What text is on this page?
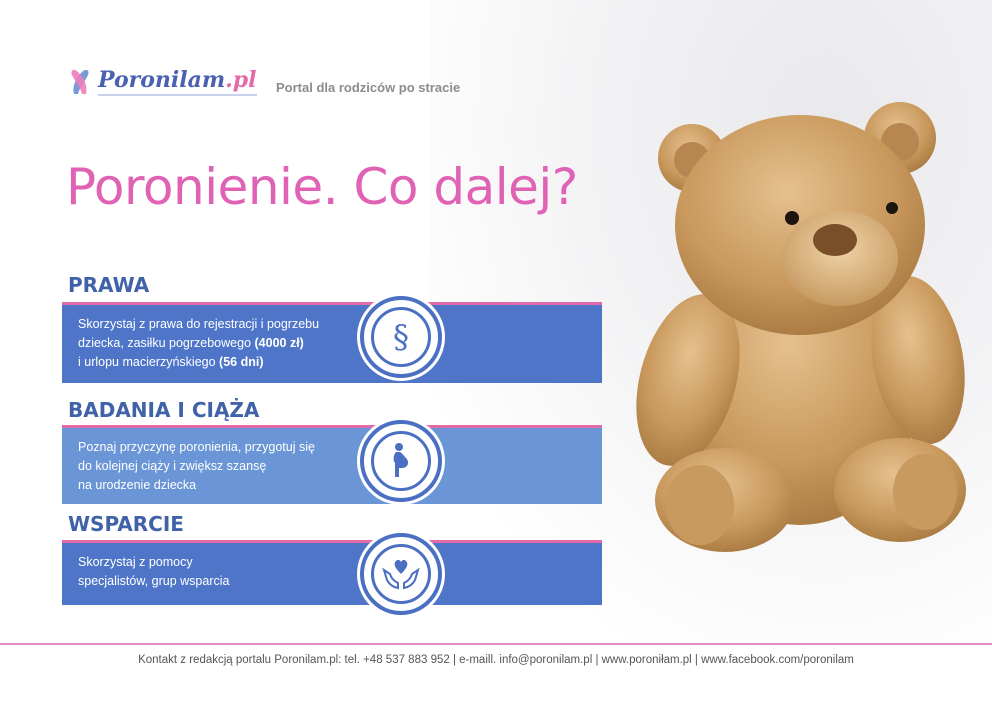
Poronilam.pl Portal dla rodziców po stracie
Poronienie. Co dalej?
PRAWA
Skorzystaj z prawa do rejestracji i pogrzebu
dziecka, zasiłku pogrzebowego (4000 zł)
i urlopu macierzyńskiego (56 dni)
§
BADANIA I CIĄŻA
Poznaj przyczynę poronienia, przygotuj się
do kolejnej ciąży i zwiększ szansę
na urodzenie dziecka
WSPARCIE
Skorzystaj z pomocy
specjalistów, grup wsparcia
Kontakt z redakcją portalu Poronilam.pl: tel. +48 537 883 952 | e-maill. info@poronilam.pl | www.poroniłam.pl | www.facebook.com/poronilam
